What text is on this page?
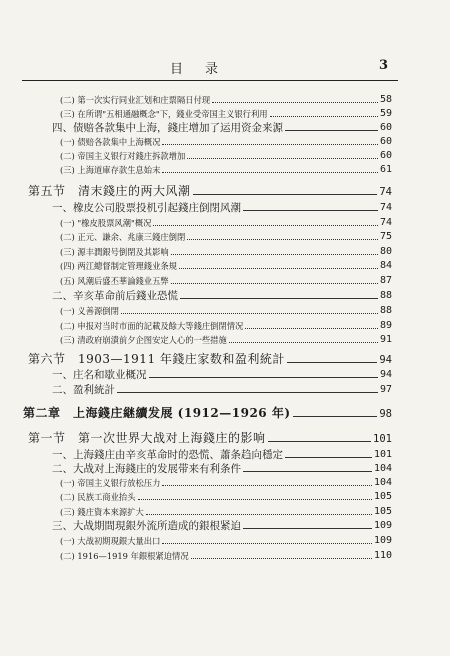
目录	3
(二) 第一次实行同业汇划和庄票隔日付现	58
(三) 在所谓"五相通融概念"下，錢业受帝国主义银行利用	59
四、债赔各款集中上海，錢庄增加了运用资金来源	60
(一) 债赔各款集中上海概况	60
(二) 帝国主义银行对錢庄拆款增加	60
(三) 上海道庫存款生息始末	61
第五节　清末錢庄的两大风潮	74
一、橡皮公司股票投机引起錢庄倒閉风潮	74
(一) "橡皮股票风潮"概况	74
(二) 正元、謙余、兆康三錢庄倒閉	75
(三) 源丰潤銀号倒閉及其影响	80
(四) 两江總督制定管理錢业条規	84
(五) 风潮后盛丕華論錢业五弊	87
二、辛亥革命前后錢业恐慌	88
(一) 义善源倒閉	88
(二) 申报对当时市面的記載及餘大等錢庄倒閉情况	89
(三) 清政府崩潰前夕企图安定人心的一些措施	91
第六节　1903—1911 年錢庄家数和盈利統計	94
一、庄名和歇业概况	94
二、盈利統計	97
第二章　上海錢庄継續发展 (1912—1926 年)	98
第一节　第一次世界大战对上海錢庄的影响	101
一、上海錢庄由辛亥革命时的恐慌、蕭条趋向穩定	101
二、大战对上海錢庄的发展带来有利条件	104
(一) 帝国主义银行放松压力	104
(二) 民族工商业抬头	105
(三) 錢庄資本來源扩大	105
三、大战期間現銀外流所造成的銀根紧迫	109
(一) 大战初期現銀大量出口	109
(二) 1916—1919 年銀根紧迫情况	110
